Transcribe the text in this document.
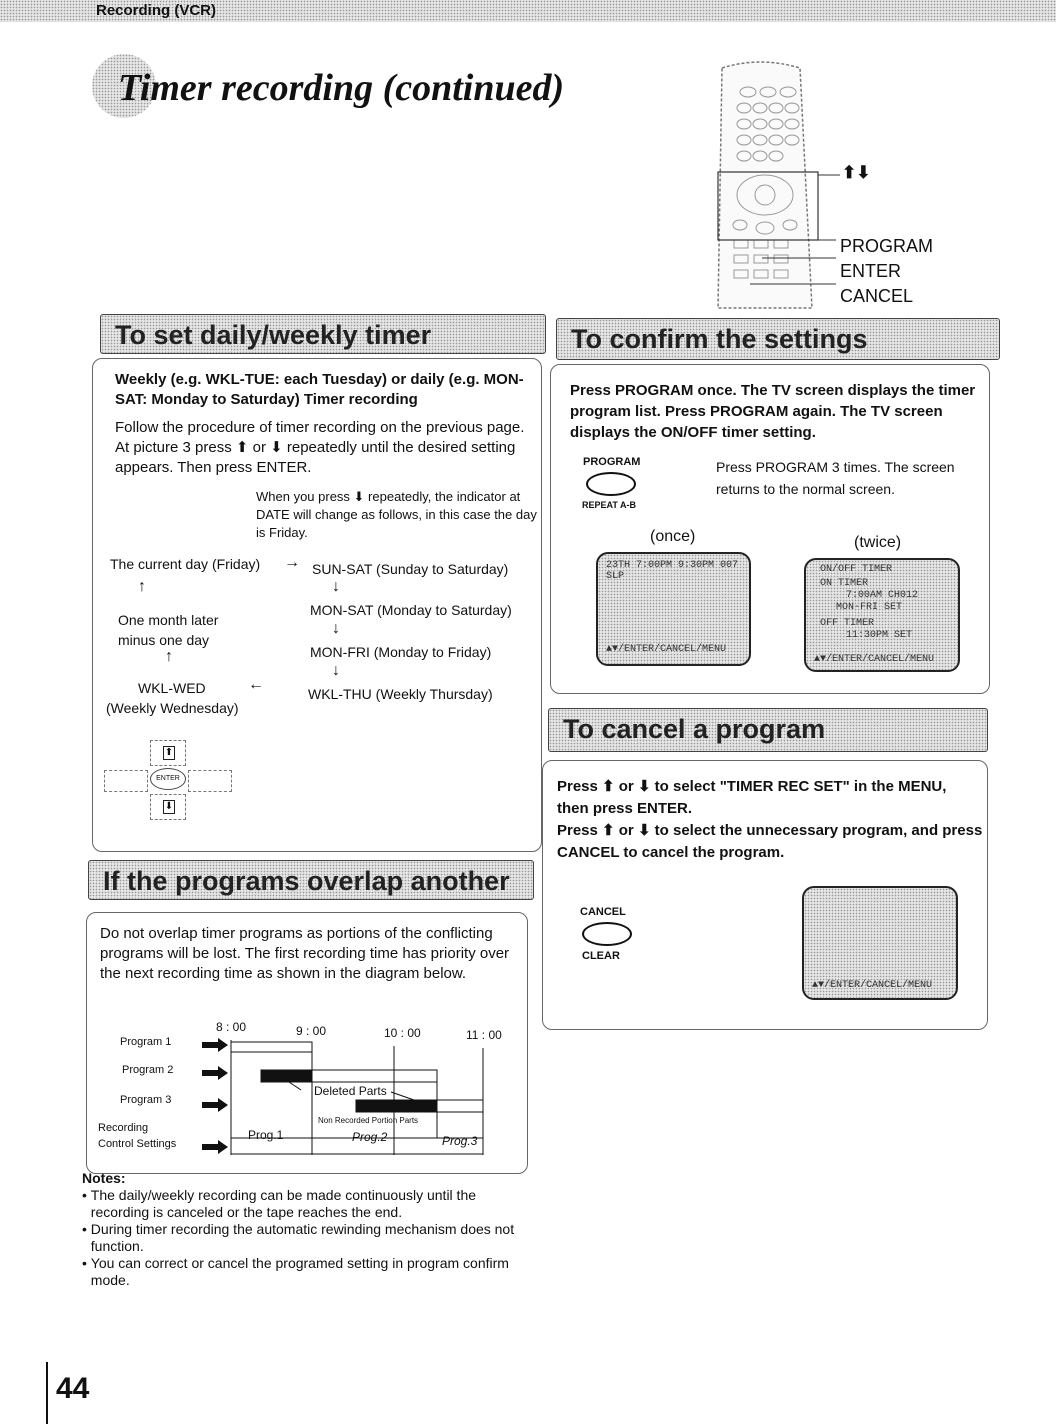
Recording (VCR)
Timer recording (continued)
⬆⬇
PROGRAM
ENTER
CANCEL
To set daily/weekly timer
Weekly (e.g. WKL-TUE: each Tuesday) or daily (e.g. MON-SAT: Monday to Saturday) Timer recording
Follow the procedure of timer recording on the previous page. At picture 3 press ⬆ or ⬇ repeatedly until the desired setting appears. Then press ENTER.
When you press ⬇ repeatedly, the indicator at DATE will change as follows, in this case the day is Friday.
The current day (Friday) → SUN-SAT (Sunday to Saturday)
↑	↓
One month later minus one day
MON-SAT (Monday to Saturday)
↓
MON-FRI (Monday to Friday)
↑
↓
WKL-WED	←
WKL-THU (Weekly Thursday)
(Weekly Wednesday)
⬆
ENTER
⬇
If the programs overlap another
Do not overlap timer programs as portions of the conflicting programs will be lost. The first recording time has priority over the next recording time as shown in the diagram below.
8 : 00	9 : 00	10 : 00	11 : 00
Program 1
Program 2
Program 3
Recording Control Settings
Deleted Parts
Non Recorded Portion Parts
Prog.1	Prog.2	Prog.3
Notes:
• The daily/weekly recording can be made continuously until the recording is canceled or the tape reaches the end.
• During timer recording the automatic rewinding mechanism does not function.
• You can correct or cancel the programed setting in program confirm mode.
To confirm the settings
Press PROGRAM once. The TV screen displays the timer program list. Press PROGRAM again. The TV screen displays the ON/OFF timer setting.
PROGRAM
REPEAT A-B
Press PROGRAM 3 times. The screen returns to the normal screen.
(once)	(twice)
23TH 7:00PM 9:30PM 007 SLP
▲▼/ENTER/CANCEL/MENU
ON/OFF TIMER
ON TIMER
7:00AM CH012
MON-FRI SET
OFF TIMER
11:30PM SET
▲▼/ENTER/CANCEL/MENU
To cancel a program
Press ⬆ or ⬇ to select "TIMER REC SET" in the MENU, then press ENTER.
Press ⬆ or ⬇ to select the unnecessary program, and press CANCEL to cancel the program.
CANCEL
CLEAR
▲▼/ENTER/CANCEL/MENU
44
